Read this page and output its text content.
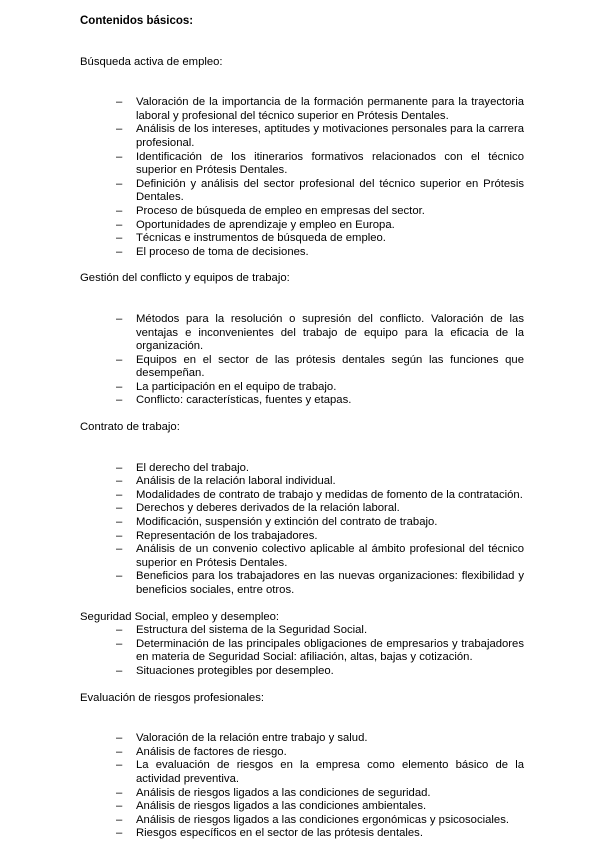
Contenidos básicos:
Búsqueda activa de empleo:
– Valoración de la importancia de la formación permanente para la trayectoria laboral y profesional del técnico superior en Prótesis Dentales.
– Análisis de los intereses, aptitudes y motivaciones personales para la carrera profesional.
– Identificación de los itinerarios formativos relacionados con el técnico superior en Prótesis Dentales.
– Definición y análisis del sector profesional del técnico superior en Prótesis Dentales.
– Proceso de búsqueda de empleo en empresas del sector.
– Oportunidades de aprendizaje y empleo en Europa.
– Técnicas e instrumentos de búsqueda de empleo.
– El proceso de toma de decisiones.
Gestión del conflicto y equipos de trabajo:
– Métodos para la resolución o supresión del conflicto. Valoración de las ventajas e inconvenientes del trabajo de equipo para la eficacia de la organización.
– Equipos en el sector de las prótesis dentales según las funciones que desempeñan.
– La participación en el equipo de trabajo.
– Conflicto: características, fuentes y etapas.
Contrato de trabajo:
– El derecho del trabajo.
– Análisis de la relación laboral individual.
– Modalidades de contrato de trabajo y medidas de fomento de la contratación.
– Derechos y deberes derivados de la relación laboral.
– Modificación, suspensión y extinción del contrato de trabajo.
– Representación de los trabajadores.
– Análisis de un convenio colectivo aplicable al ámbito profesional del técnico superior en Prótesis Dentales.
– Beneficios para los trabajadores en las nuevas organizaciones: flexibilidad y beneficios sociales, entre otros.
Seguridad Social, empleo y desempleo:
– Estructura del sistema de la Seguridad Social.
– Determinación de las principales obligaciones de empresarios y trabajadores en materia de Seguridad Social: afiliación, altas, bajas y cotización.
– Situaciones protegibles por desempleo.
Evaluación de riesgos profesionales:
– Valoración de la relación entre trabajo y salud.
– Análisis de factores de riesgo.
– La evaluación de riesgos en la empresa como elemento básico de la actividad preventiva.
– Análisis de riesgos ligados a las condiciones de seguridad.
– Análisis de riesgos ligados a las condiciones ambientales.
– Análisis de riesgos ligados a las condiciones ergonómicas y psicosociales.
– Riesgos específicos en el sector de las prótesis dentales.
